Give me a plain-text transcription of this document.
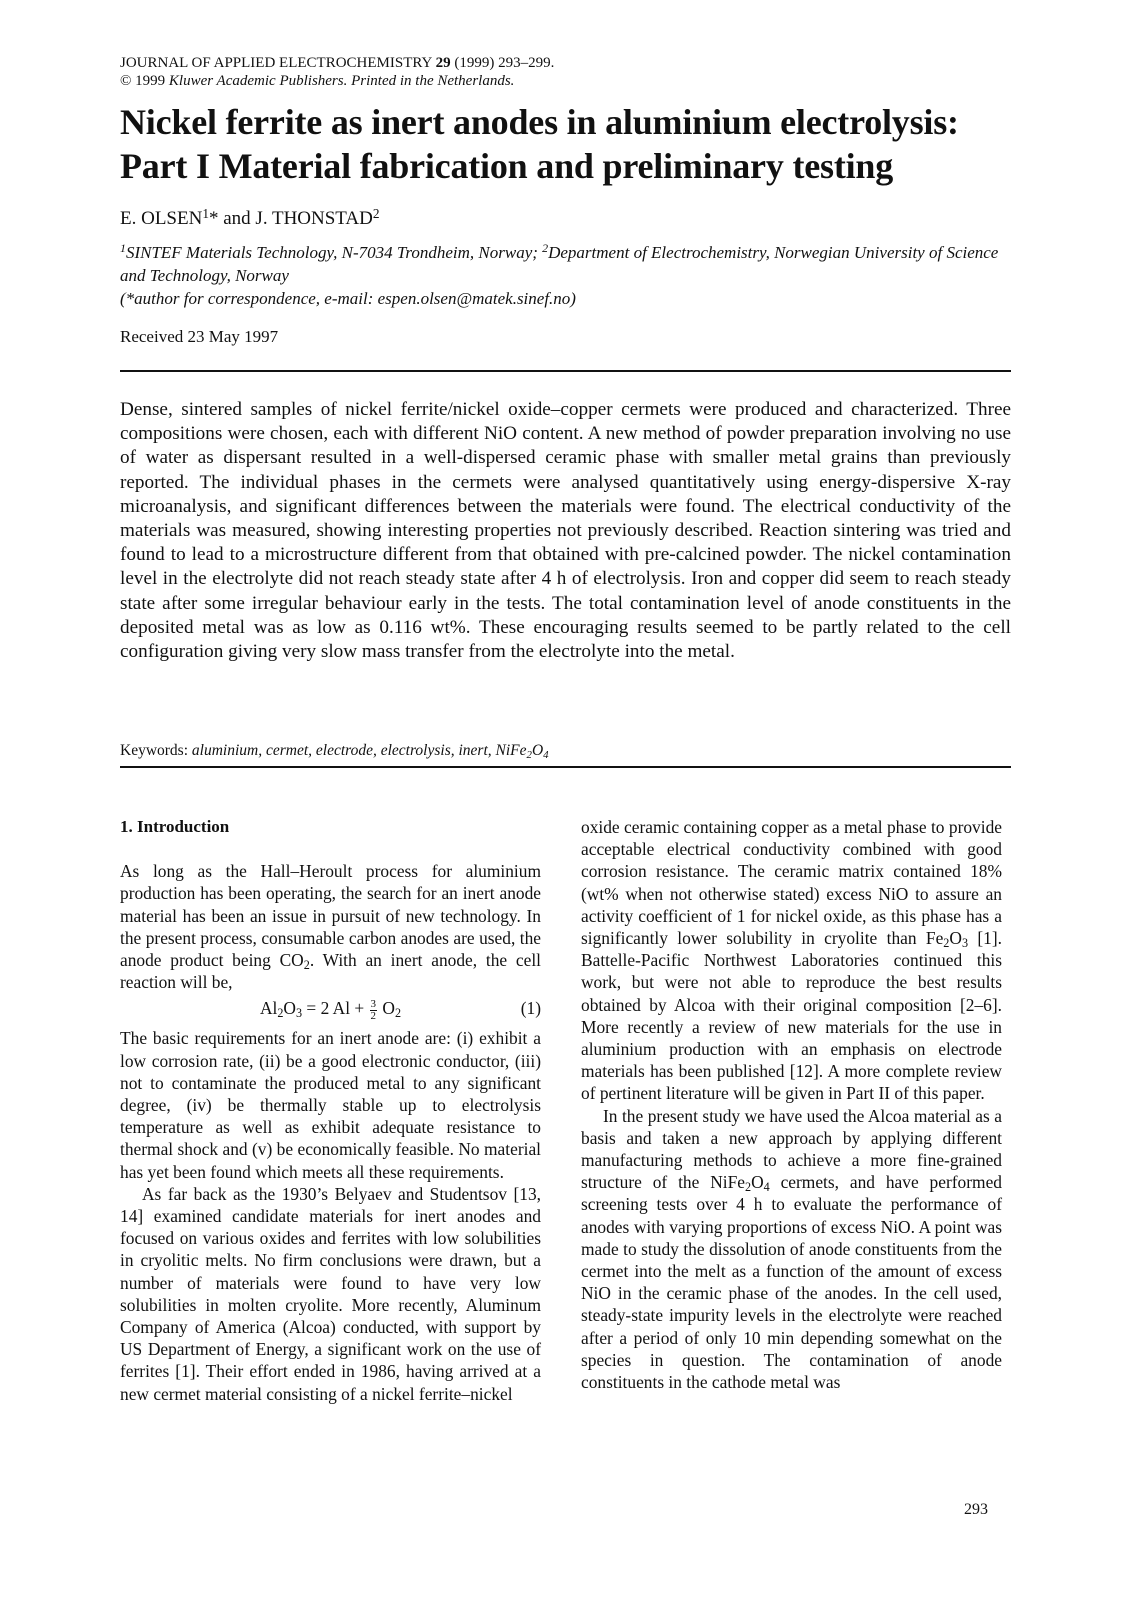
JOURNAL OF APPLIED ELECTROCHEMISTRY 29 (1999) 293–299.
© 1999 Kluwer Academic Publishers. Printed in the Netherlands.
Nickel ferrite as inert anodes in aluminium electrolysis:
Part I Material fabrication and preliminary testing
E. OLSEN$^1$* and J. THONSTAD$^2$
$^1$SINTEF Materials Technology, N-7034 Trondheim, Norway; $^2$Department of Electrochemistry, Norwegian University of Science and Technology, Norway
(*author for correspondence, e-mail: espen.olsen@matek.sinef.no)
Received 23 May 1997
Dense, sintered samples of nickel ferrite/nickel oxide–copper cermets were produced and characterized. Three compositions were chosen, each with different NiO content. A new method of powder preparation involving no use of water as dispersant resulted in a well-dispersed ceramic phase with smaller metal grains than previously reported. The individual phases in the cermets were analysed quantitatively using energy-dispersive X-ray microanalysis, and significant differences between the materials were found. The electrical conductivity of the materials was measured, showing interesting properties not previously described. Reaction sintering was tried and found to lead to a microstructure different from that obtained with pre-calcined powder. The nickel contamination level in the electrolyte did not reach steady state after 4 h of electrolysis. Iron and copper did seem to reach steady state after some irregular behaviour early in the tests. The total contamination level of anode constituents in the deposited metal was as low as 0.116 wt%. These encouraging results seemed to be partly related to the cell configuration giving very slow mass transfer from the electrolyte into the metal.
Keywords: aluminium, cermet, electrode, electrolysis, inert, $NiFe_2O_4$
1. Introduction

As long as the Hall–Heroult process for aluminium production has been operating, the search for an inert anode material has been an issue in pursuit of new technology. In the present process, consumable carbon anodes are used, the anode product being $CO_2$. With an inert anode, the cell reaction will be,

$Al_2O_3 = 2$ $Al + \frac{3}{2} O_2$	(1)

The basic requirements for an inert anode are: (i) exhibit a low corrosion rate, (ii) be a good electronic conductor, (iii) not to contaminate the produced metal to any significant degree, (iv) be thermally stable up to electrolysis temperature as well as exhibit adequate resistance to thermal shock and (v) be economically feasible. No material has yet been found which meets all these requirements.

As far back as the 1930’s Belyaev and Studentsov [13, 14] examined candidate materials for inert anodes and focused on various oxides and ferrites with low solubilities in cryolitic melts. No firm conclusions were drawn, but a number of materials were found to have very low solubilities in molten cryolite. More recently, Aluminum Company of America (Alcoa) conducted, with support by US Department of Energy, a significant work on the use of ferrites [1]. Their effort ended in 1986, having arrived at a new cermet material consisting of a nickel ferrite–nickel

oxide ceramic containing copper as a metal phase to provide acceptable electrical conductivity combined with good corrosion resistance. The ceramic matrix contained 18% (wt% when not otherwise stated) excess NiO to assure an activity coefficient of 1 for nickel oxide, as this phase has a significantly lower solubility in cryolite than $Fe_2O_3$ [1]. Battelle-Pacific Northwest Laboratories continued this work, but were not able to reproduce the best results obtained by Alcoa with their original composition [2–6]. More recently a review of new materials for the use in aluminium production with an emphasis on electrode materials has been published [12]. A more complete review of pertinent literature will be given in Part II of this paper.

In the present study we have used the Alcoa material as a basis and taken a new approach by applying different manufacturing methods to achieve a more fine-grained structure of the $NiFe_2O_4$ cermets, and have performed screening tests over 4 h to evaluate the performance of anodes with varying proportions of excess NiO. A point was made to study the dissolution of anode constituents from the cermet into the melt as a function of the amount of excess NiO in the ceramic phase of the anodes. In the cell used, steady-state impurity levels in the electrolyte were reached after a period of only 10 min depending somewhat on the species in question. The contamination of anode constituents in the cathode metal was

293
